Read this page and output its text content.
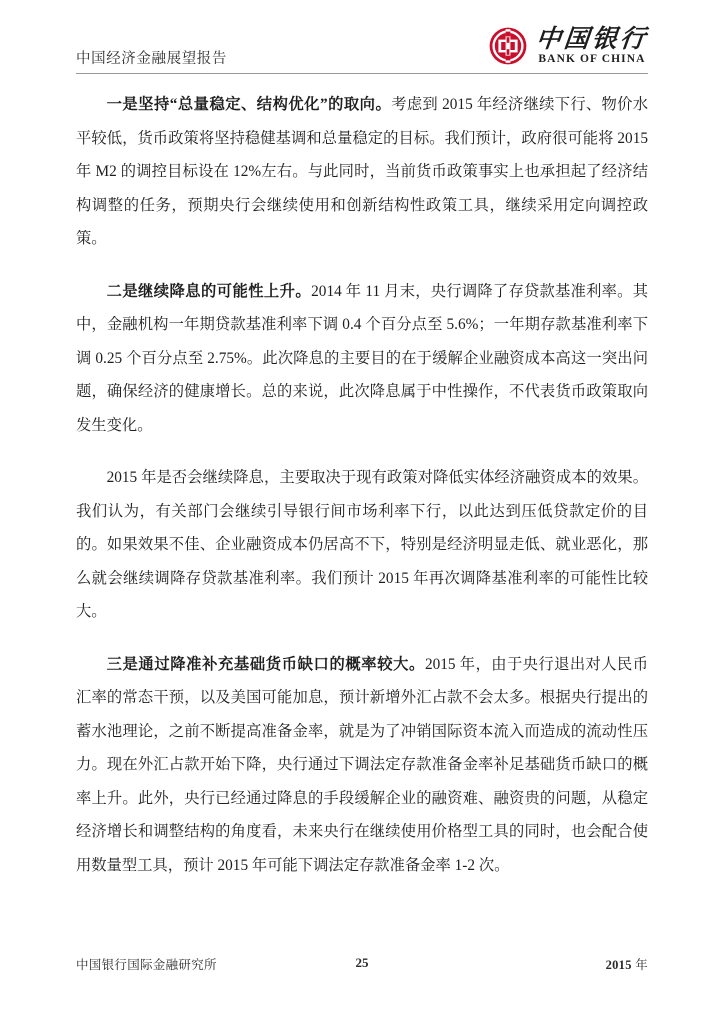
中国经济金融展望报告
中国银行
BANK OF CHINA

一是坚持“总量稳定、结构优化”的取向。考虑到 2015 年经济继续下行、物价水平较低，货币政策将坚持稳健基调和总量稳定的目标。我们预计，政府很可能将 2015 年 M2 的调控目标设在 12%左右。与此同时，当前货币政策事实上也承担起了经济结构调整的任务，预期央行会继续使用和创新结构性政策工具，继续采用定向调控政策。

二是继续降息的可能性上升。2014 年 11 月末，央行调降了存贷款基准利率。其中，金融机构一年期贷款基准利率下调 0.4 个百分点至 5.6%；一年期存款基准利率下调 0.25 个百分点至 2.75%。此次降息的主要目的在于缓解企业融资成本高这一突出问题，确保经济的健康增长。总的来说，此次降息属于中性操作，不代表货币政策取向发生变化。

2015 年是否会继续降息，主要取决于现有政策对降低实体经济融资成本的效果。我们认为，有关部门会继续引导银行间市场利率下行，以此达到压低贷款定价的目的。如果效果不佳、企业融资成本仍居高不下，特别是经济明显走低、就业恶化，那么就会继续调降存贷款基准利率。我们预计 2015 年再次调降基准利率的可能性比较大。

三是通过降准补充基础货币缺口的概率较大。2015 年，由于央行退出对人民币汇率的常态干预，以及美国可能加息，预计新增外汇占款不会太多。根据央行提出的蓄水池理论，之前不断提高准备金率，就是为了冲销国际资本流入而造成的流动性压力。现在外汇占款开始下降，央行通过下调法定存款准备金率补足基础货币缺口的概率上升。此外，央行已经通过降息的手段缓解企业的融资难、融资贵的问题，从稳定经济增长和调整结构的角度看，未来央行在继续使用价格型工具的同时，也会配合使用数量型工具，预计 2015 年可能下调法定存款准备金率 1-2 次。

中国银行国际金融研究所	25	2015 年
